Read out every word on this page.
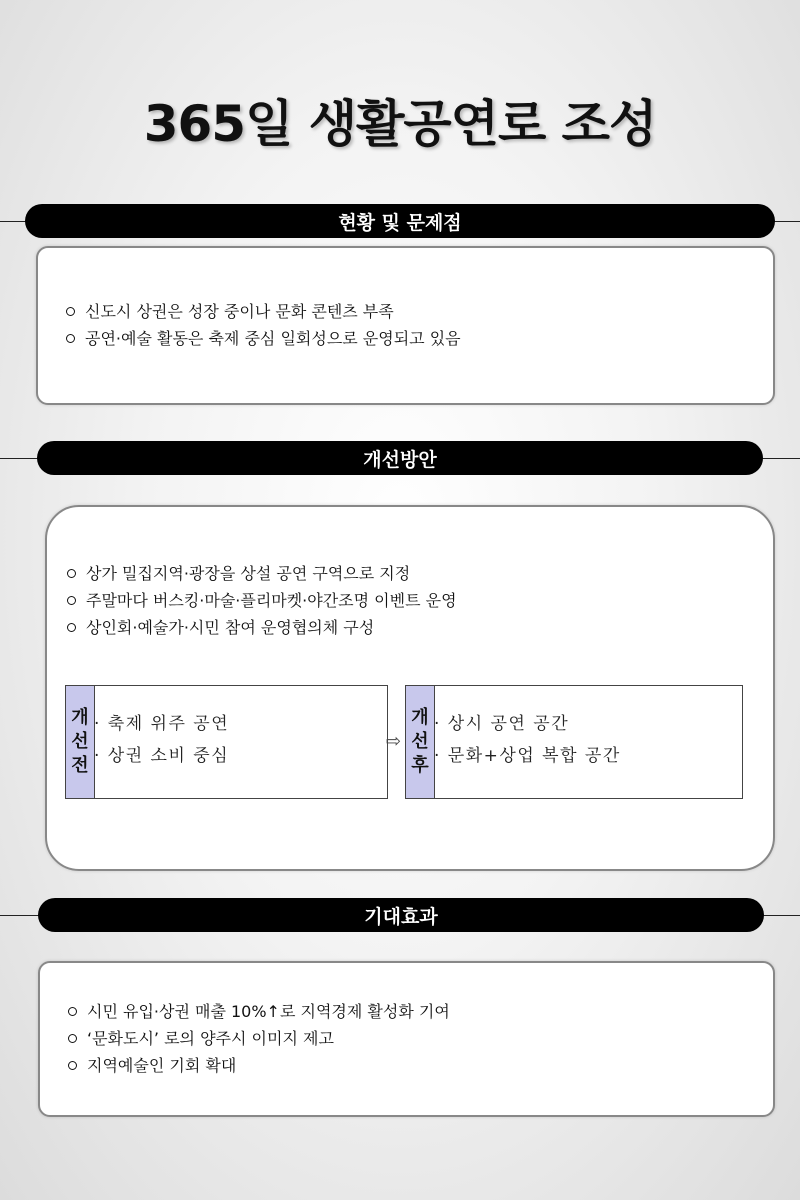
365일 생활공연로 조성
현황 및 문제점
신도시 상권은 성장 중이나 문화 콘텐츠 부족
공연·예술 활동은 축제 중심 일회성으로 운영되고 있음
개선방안
상가 밀집지역·광장을 상설 공연 구역으로 지정
주말마다 버스킹·마술·플리마켓·야간조명 이벤트 운영
상인회·예술가·시민 참여 운영협의체 구성
개
선
전
· 축제 위주 공연
· 상권 소비 중심
⇨
개
선
후
· 상시 공연 공간
· 문화+상업 복합 공간
기대효과
시민 유입·상권 매출 10%↑로 지역경제 활성화 기여
‘문화도시’ 로의 양주시 이미지 제고
지역예술인 기회 확대
